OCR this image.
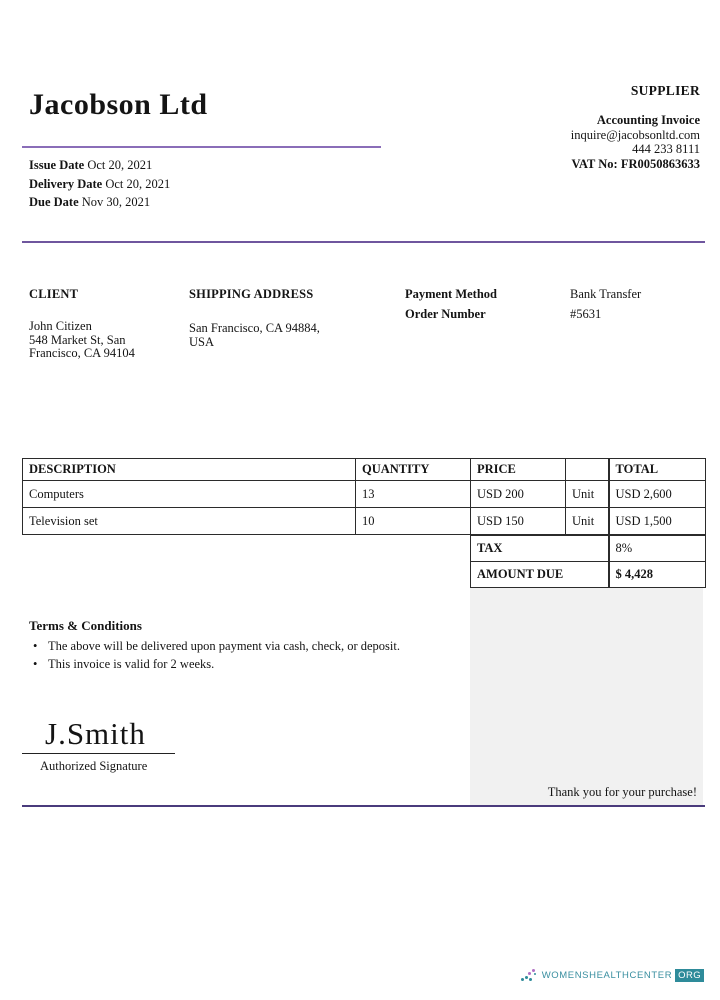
Jacobson Ltd	SUPPLIER
Accounting Invoice
inquire@jacobsonltd.com
444 233 8111
VAT No: FR0050863633
Issue Date Oct 20, 2021
Delivery Date Oct 20, 2021
Due Date Nov 30, 2021
CLIENT	SHIPPING ADDRESS
John Citizen
548 Market St, San
Francisco, CA 94104
San Francisco, CA 94884,
USA
Payment Method	Bank Transfer
Order Number	#5631
DESCRIPTION	QUANTITY	PRICE		TOTAL
Computers	13	USD 200	Unit	USD 2,600
Television set	10	USD 150	Unit	USD 1,500
TAX	8%
AMOUNT DUE	$ 4,428
Thank you for your purchase!
Terms & Conditions
• The above will be delivered upon payment via cash, check, or deposit.
• This invoice is valid for 2 weeks.
J.Smith
Authorized Signature
WOMENSHEALTHCENTER ORG
